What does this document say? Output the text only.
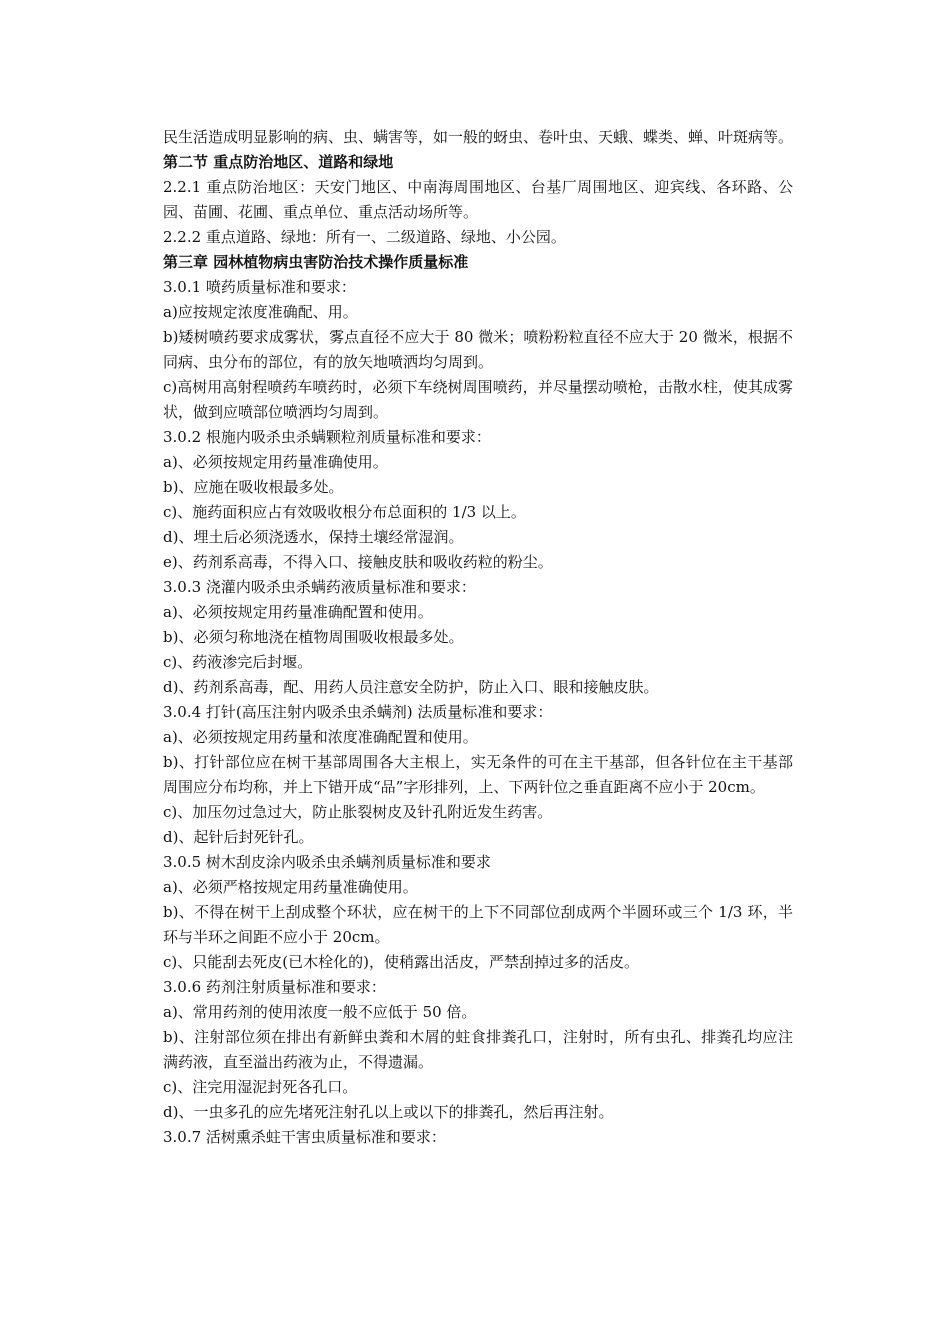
民生活造成明显影响的病、虫、螨害等，如一般的蚜虫、卷叶虫、天蛾、蝶类、蝉、叶斑病等。

第二节 重点防治地区、道路和绿地

2.2.1 重点防治地区：天安门地区、中南海周围地区、台基厂周围地区、迎宾线、各环路、公园、苗圃、花圃、重点单位、重点活动场所等。

2.2.2 重点道路、绿地：所有一、二级道路、绿地、小公园。

第三章 园林植物病虫害防治技术操作质量标准

3.0.1 喷药质量标准和要求：

a)应按规定浓度准确配、用。

b)矮树喷药要求成雾状，雾点直径不应大于 80 微米；喷粉粉粒直径不应大于 20 微米，根据不同病、虫分布的部位，有的放矢地喷洒均匀周到。

c)高树用高射程喷药车喷药时，必须下车绕树周围喷药，并尽量摆动喷枪，击散水柱，使其成雾状，做到应喷部位喷洒均匀周到。

3.0.2 根施内吸杀虫杀螨颗粒剂质量标准和要求：

a)、必须按规定用药量准确使用。

b)、应施在吸收根最多处。

c)、施药面积应占有效吸收根分布总面积的 1/3 以上。

d)、埋土后必须浇透水，保持土壤经常湿润。

e)、药剂系高毒，不得入口、接触皮肤和吸收药粒的粉尘。

3.0.3 浇灌内吸杀虫杀螨药液质量标准和要求：

a)、必须按规定用药量准确配置和使用。

b)、必须匀称地浇在植物周围吸收根最多处。

c)、药液渗完后封堰。

d)、药剂系高毒，配、用药人员注意安全防护，防止入口、眼和接触皮肤。

3.0.4 打针(高压注射内吸杀虫杀螨剂) 法质量标准和要求：

a)、必须按规定用药量和浓度准确配置和使用。

b)、打针部位应在树干基部周围各大主根上，实无条件的可在主干基部，但各针位在主干基部周围应分布均称，并上下错开成“品”字形排列，上、下两针位之垂直距离不应小于 20cm。

c)、加压勿过急过大，防止胀裂树皮及针孔附近发生药害。

d)、起针后封死针孔。

3.0.5 树木刮皮涂内吸杀虫杀螨剂质量标准和要求

a)、必须严格按规定用药量准确使用。

b)、不得在树干上刮成整个环状，应在树干的上下不同部位刮成两个半圆环或三个 1/3 环，半环与半环之间距不应小于 20cm。

c)、只能刮去死皮(已木栓化的)，使稍露出活皮，严禁刮掉过多的活皮。

3.0.6 药剂注射质量标准和要求：

a)、常用药剂的使用浓度一般不应低于 50 倍。

b)、注射部位须在排出有新鲜虫粪和木屑的蛀食排粪孔口，注射时，所有虫孔、排粪孔均应注满药液，直至溢出药液为止，不得遗漏。

c)、注完用湿泥封死各孔口。

d)、一虫多孔的应先堵死注射孔以上或以下的排粪孔，然后再注射。

3.0.7 活树熏杀蛀干害虫质量标准和要求：
